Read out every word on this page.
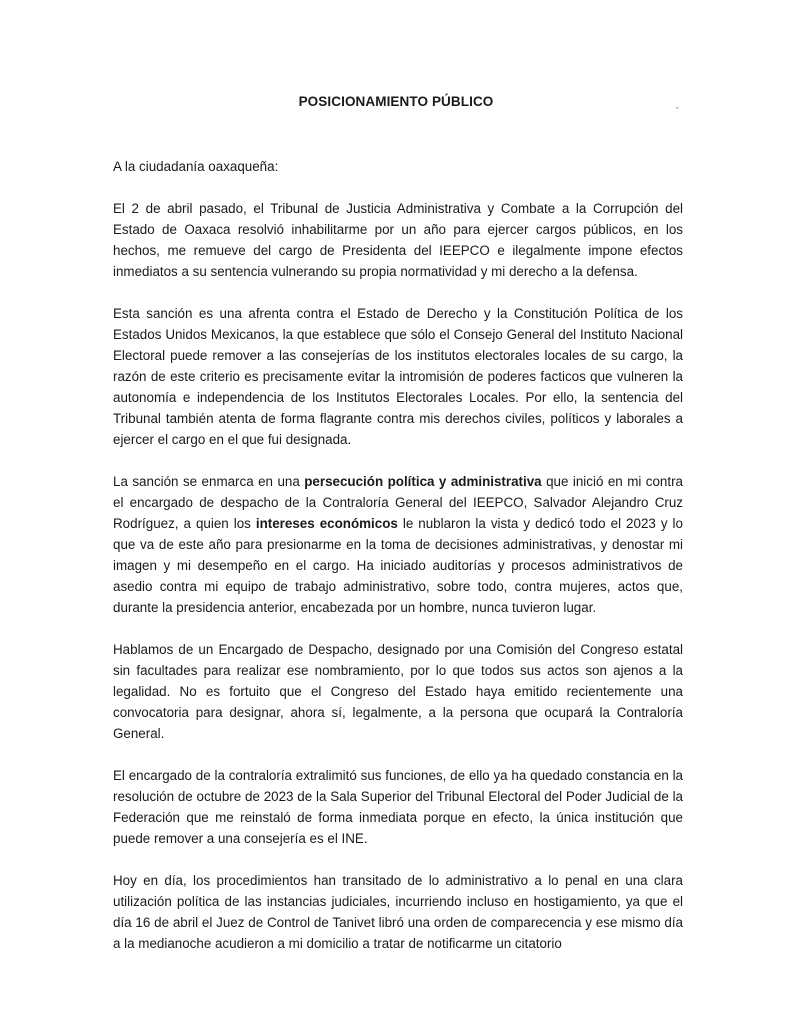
POSICIONAMIENTO PÚBLICO
˝

A la ciudadanía oaxaqueña:

El 2 de abril pasado, el Tribunal de Justicia Administrativa y Combate a la Corrupción del Estado de Oaxaca resolvió inhabilitarme por un año para ejercer cargos públicos, en los hechos, me remueve del cargo de Presidenta del IEEPCO e ilegalmente impone efectos inmediatos a su sentencia vulnerando su propia normatividad y mi derecho a la defensa.

Esta sanción es una afrenta contra el Estado de Derecho y la Constitución Política de los Estados Unidos Mexicanos, la que establece que sólo el Consejo General del Instituto Nacional Electoral puede remover a las consejerías de los institutos electorales locales de su cargo, la razón de este criterio es precisamente evitar la intromisión de poderes facticos que vulneren la autonomía e independencia de los Institutos Electorales Locales. Por ello, la sentencia del Tribunal también atenta de forma flagrante contra mis derechos civiles, políticos y laborales a ejercer el cargo en el que fui designada.

La sanción se enmarca en una persecución política y administrativa que inició en mi contra el encargado de despacho de la Contraloría General del IEEPCO, Salvador Alejandro Cruz Rodríguez, a quien los intereses económicos le nublaron la vista y dedicó todo el 2023 y lo que va de este año para presionarme en la toma de decisiones administrativas, y denostar mi imagen y mi desempeño en el cargo. Ha iniciado auditorías y procesos administrativos de asedio contra mi equipo de trabajo administrativo, sobre todo, contra mujeres, actos que, durante la presidencia anterior, encabezada por un hombre, nunca tuvieron lugar.

Hablamos de un Encargado de Despacho, designado por una Comisión del Congreso estatal sin facultades para realizar ese nombramiento, por lo que todos sus actos son ajenos a la legalidad. No es fortuito que el Congreso del Estado haya emitido recientemente una convocatoria para designar, ahora sí, legalmente, a la persona que ocupará la Contraloría General.

El encargado de la contraloría extralimitó sus funciones, de ello ya ha quedado constancia en la resolución de octubre de 2023 de la Sala Superior del Tribunal Electoral del Poder Judicial de la Federación que me reinstaló de forma inmediata porque en efecto, la única institución que puede remover a una consejería es el INE.

Hoy en día, los procedimientos han transitado de lo administrativo a lo penal en una clara utilización política de las instancias judiciales, incurriendo incluso en hostigamiento, ya que el día 16 de abril el Juez de Control de Tanivet libró una orden de comparecencia y ese mismo día a la medianoche acudieron a mi domicilio a tratar de notificarme un citatorio
